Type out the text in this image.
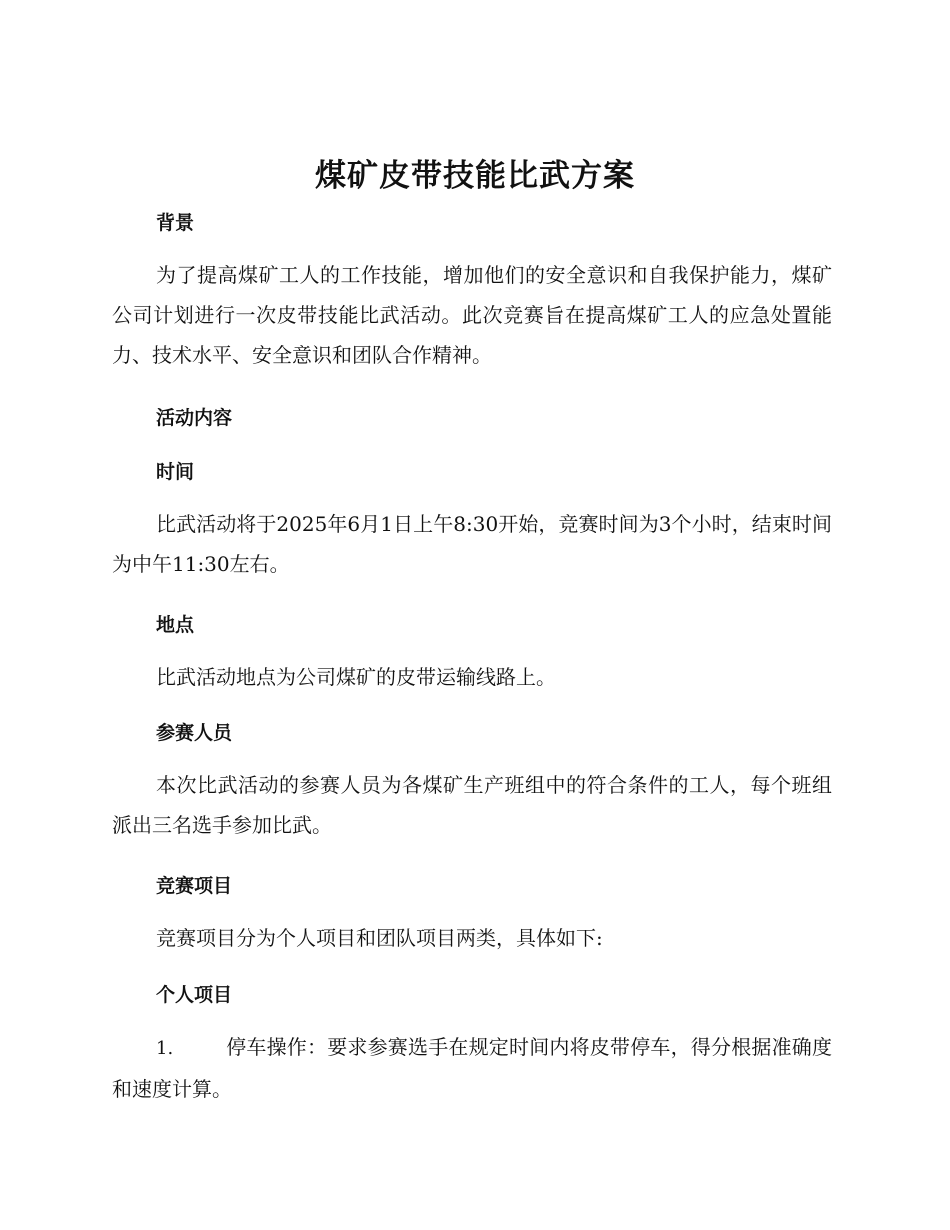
煤矿皮带技能比武方案
背景

为了提高煤矿工人的工作技能，增加他们的安全意识和自我保护能力，煤矿公司计划进行一次皮带技能比武活动。此次竞赛旨在提高煤矿工人的应急处置能力、技术水平、安全意识和团队合作精神。

活动内容
时间

比武活动将于2025年6月1日上午8:30开始，竞赛时间为3个小时，结束时间为中午11:30左右。

地点

比武活动地点为公司煤矿的皮带运输线路上。

参赛人员

本次比武活动的参赛人员为各煤矿生产班组中的符合条件的工人，每个班组派出三名选手参加比武。

竞赛项目

竞赛项目分为个人项目和团队项目两类，具体如下:

个人项目

1.	停车操作：要求参赛选手在规定时间内将皮带停车，得分根据准确度和速度计算。
